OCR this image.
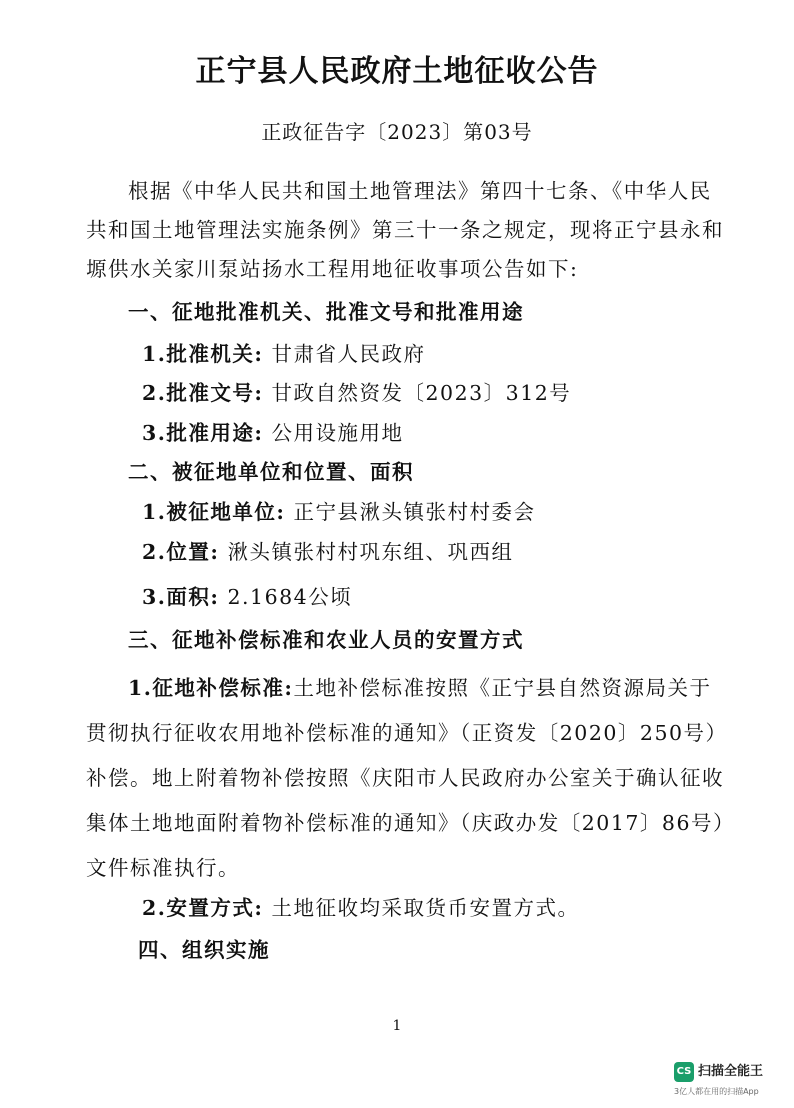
正宁县人民政府土地征收公告
正政征告字〔2023〕第03号
根据《中华人民共和国土地管理法》第四十七条、《中华人民共和国土地管理法实施条例》第三十一条之规定，现将正宁县永和塬供水关家川泵站扬水工程用地征收事项公告如下:
一、征地批准机关、批准文号和批准用途
1.批准机关: 甘肃省人民政府
2.批准文号: 甘政自然资发〔2023〕312号
3.批准用途: 公用设施用地
二、被征地单位和位置、面积
1.被征地单位: 正宁县湫头镇张村村委会
2.位置: 湫头镇张村村巩东组、巩西组
3.面积: 2.1684公顷
三、征地补偿标准和农业人员的安置方式
1.征地补偿标准:土地补偿标准按照《正宁县自然资源局关于贯彻执行征收农用地补偿标准的通知》（正资发〔2020〕250号）补偿。地上附着物补偿按照《庆阳市人民政府办公室关于确认征收集体土地地面附着物补偿标准的通知》（庆政办发〔2017〕86号）文件标准执行。
2.安置方式: 土地征收均采取货币安置方式。
四、组织实施
1
CS 扫描全能王
3亿人都在用的扫描App
